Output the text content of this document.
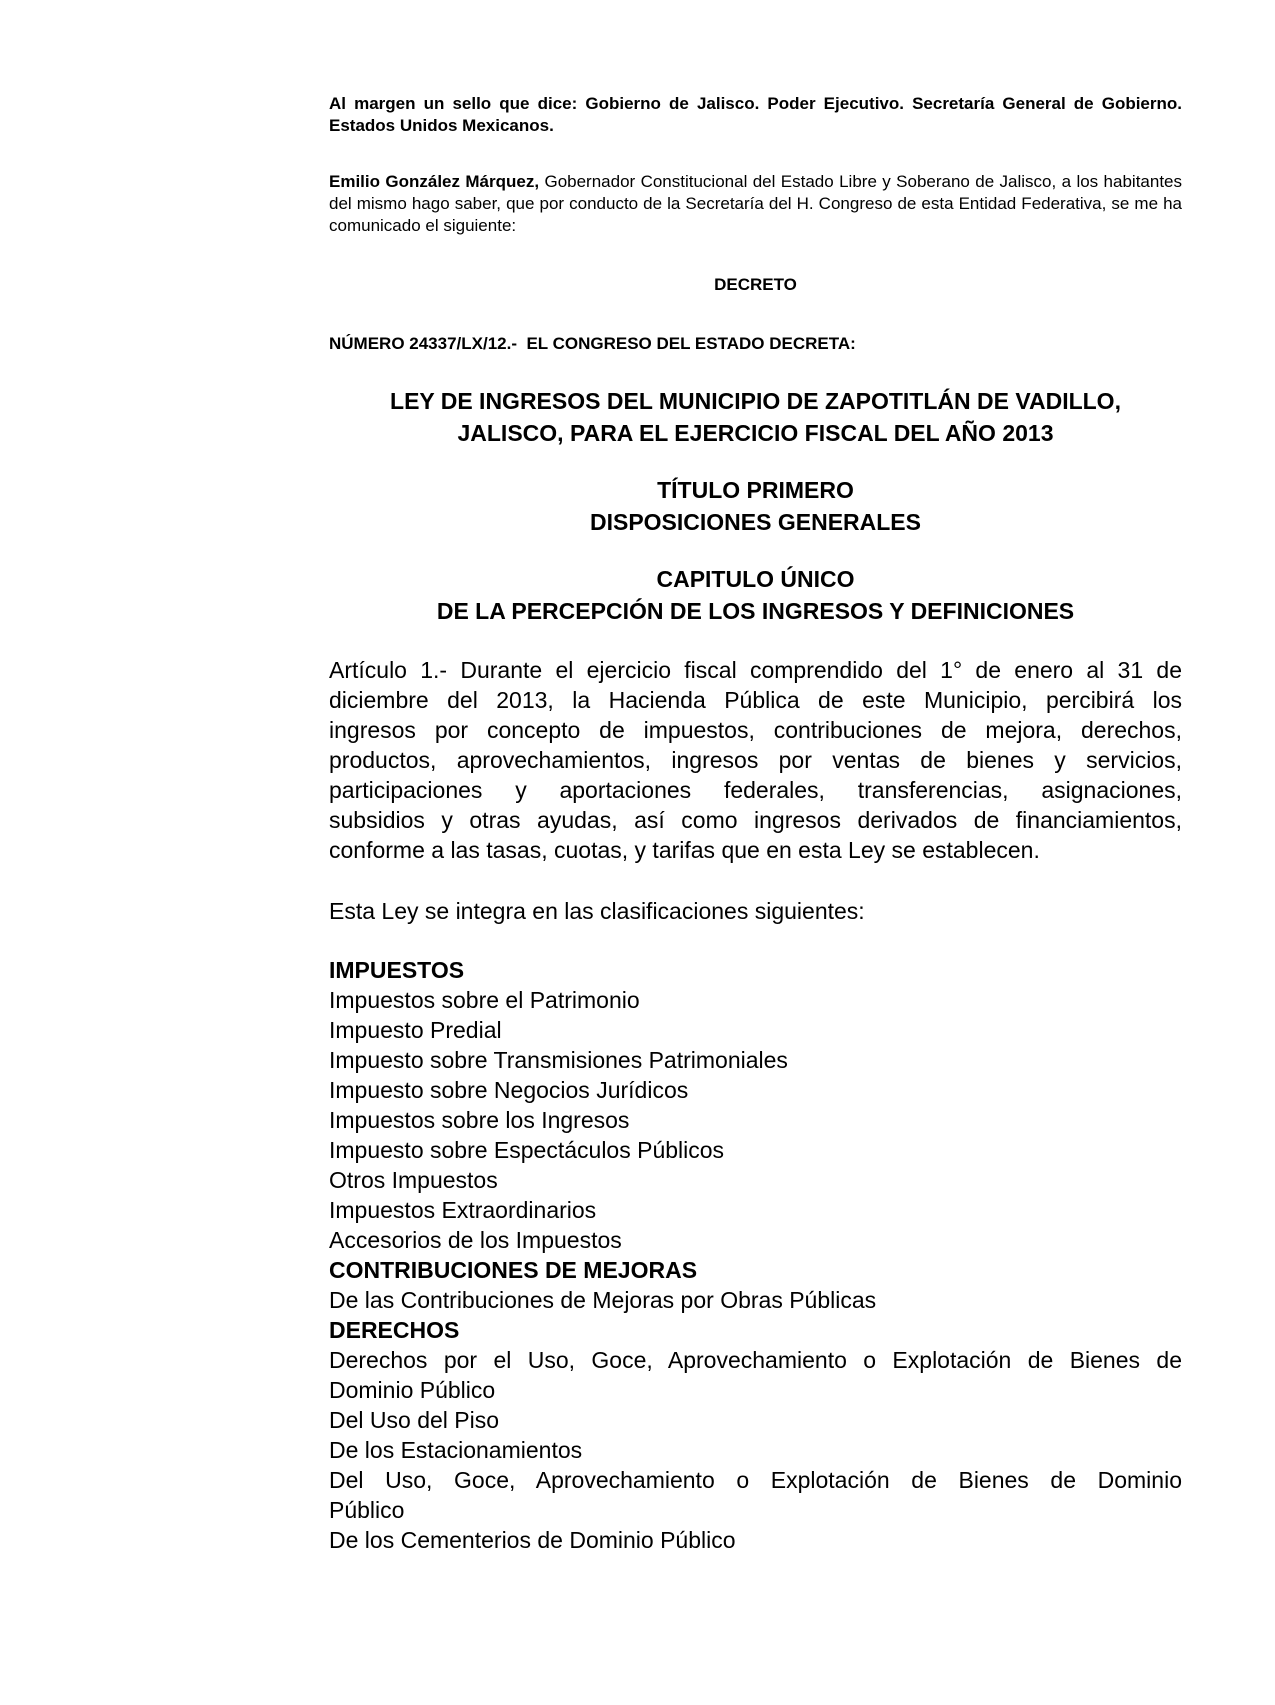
Al margen un sello que dice: Gobierno de Jalisco. Poder Ejecutivo. Secretaría General de Gobierno. Estados Unidos Mexicanos.
Emilio González Márquez, Gobernador Constitucional del Estado Libre y Soberano de Jalisco, a los habitantes del mismo hago saber, que por conducto de la Secretaría del H. Congreso de esta Entidad Federativa, se me ha comunicado el siguiente:
DECRETO
NÚMERO 24337/LX/12.-  EL CONGRESO DEL ESTADO DECRETA:
LEY DE INGRESOS DEL MUNICIPIO DE ZAPOTITLÁN DE VADILLO,
JALISCO, PARA EL EJERCICIO FISCAL DEL AÑO 2013
TÍTULO PRIMERO
DISPOSICIONES GENERALES
CAPITULO ÚNICO
DE LA PERCEPCIÓN DE LOS INGRESOS Y DEFINICIONES
Artículo 1.- Durante el ejercicio fiscal comprendido del 1° de enero al 31 de
diciembre del 2013, la Hacienda Pública de este Municipio, percibirá los
ingresos por concepto de impuestos, contribuciones de mejora, derechos,
productos, aprovechamientos, ingresos por ventas de bienes y servicios,
participaciones y aportaciones federales, transferencias, asignaciones,
subsidios y otras ayudas, así como ingresos derivados de financiamientos,
conforme a las tasas, cuotas, y tarifas que en esta Ley se establecen.
Esta Ley se integra en las clasificaciones siguientes:
IMPUESTOS
Impuestos sobre el Patrimonio
Impuesto Predial
Impuesto sobre Transmisiones Patrimoniales
Impuesto sobre Negocios Jurídicos
Impuestos sobre los Ingresos
Impuesto sobre Espectáculos Públicos
Otros Impuestos
Impuestos Extraordinarios
Accesorios de los Impuestos
CONTRIBUCIONES DE MEJORAS
De las Contribuciones de Mejoras por Obras Públicas
DERECHOS
Derechos por el Uso, Goce, Aprovechamiento o Explotación de Bienes de
Dominio Público
Del Uso del Piso
De los Estacionamientos
Del Uso, Goce, Aprovechamiento o Explotación de Bienes de Dominio
Público
De los Cementerios de Dominio Público
